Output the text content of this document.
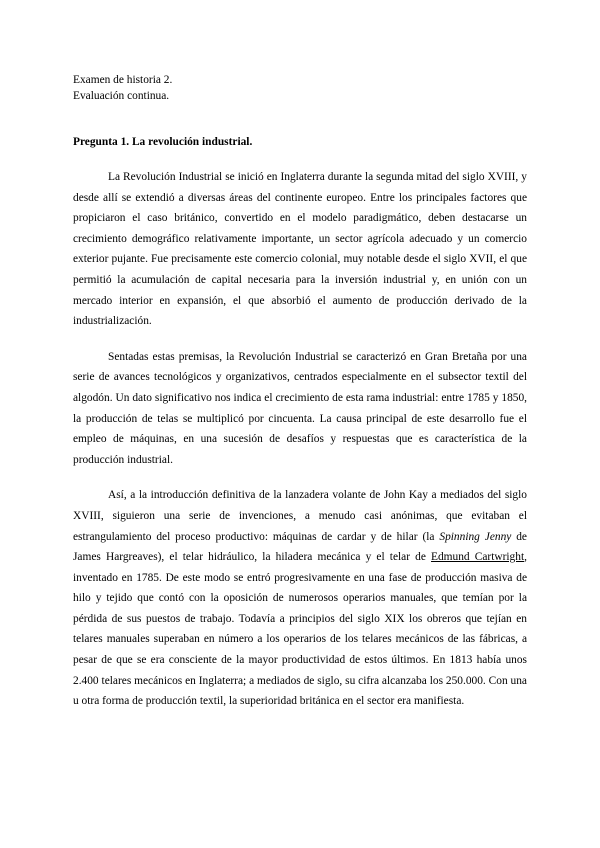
Examen de historia 2.
Evaluación continua.
Pregunta 1. La revolución industrial.

La Revolución Industrial se inició en Inglaterra durante la segunda mitad del siglo XVIII, y desde allí se extendió a diversas áreas del continente europeo. Entre los principales factores que propiciaron el caso británico, convertido en el modelo paradigmático, deben destacarse un crecimiento demográfico relativamente importante, un sector agrícola adecuado y un comercio exterior pujante. Fue precisamente este comercio colonial, muy notable desde el siglo XVII, el que permitió la acumulación de capital necesaria para la inversión industrial y, en unión con un mercado interior en expansión, el que absorbió el aumento de producción derivado de la industrialización.

Sentadas estas premisas, la Revolución Industrial se caracterizó en Gran Bretaña por una serie de avances tecnológicos y organizativos, centrados especialmente en el subsector textil del algodón. Un dato significativo nos indica el crecimiento de esta rama industrial: entre 1785 y 1850, la producción de telas se multiplicó por cincuenta. La causa principal de este desarrollo fue el empleo de máquinas, en una sucesión de desafíos y respuestas que es característica de la producción industrial.

Así, a la introducción definitiva de la lanzadera volante de John Kay a mediados del siglo XVIII, siguieron una serie de invenciones, a menudo casi anónimas, que evitaban el estrangulamiento del proceso productivo: máquinas de cardar y de hilar (la Spinning Jenny de James Hargreaves), el telar hidráulico, la hiladera mecánica y el telar de Edmund Cartwright, inventado en 1785. De este modo se entró progresivamente en una fase de producción masiva de hilo y tejido que contó con la oposición de numerosos operarios manuales, que temían por la pérdida de sus puestos de trabajo. Todavía a principios del siglo XIX los obreros que tejían en telares manuales superaban en número a los operarios de los telares mecánicos de las fábricas, a pesar de que se era consciente de la mayor productividad de estos últimos. En 1813 había unos 2.400 telares mecánicos en Inglaterra; a mediados de siglo, su cifra alcanzaba los 250.000. Con una u otra forma de producción textil, la superioridad británica en el sector era manifiesta.
